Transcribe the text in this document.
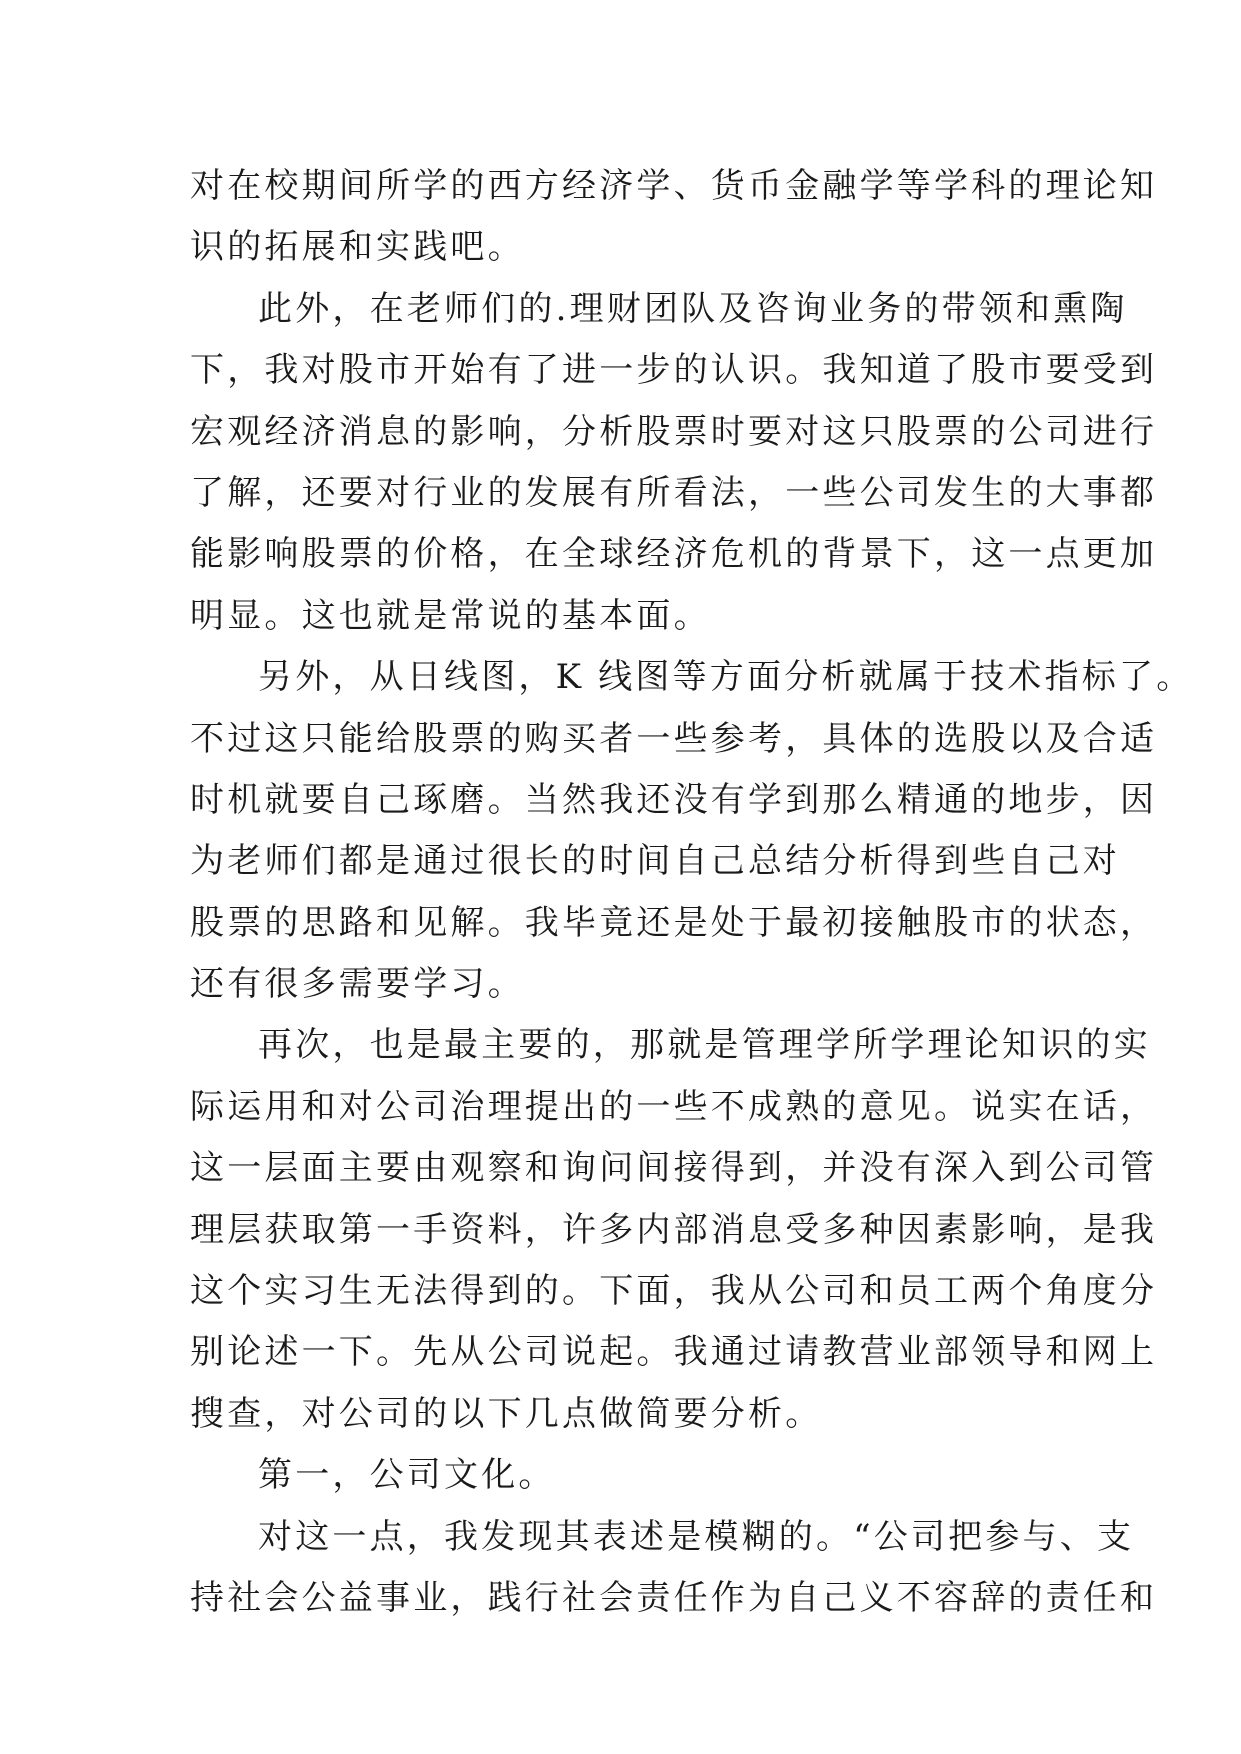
对在校期间所学的西方经济学、货币金融学等学科的理论知
识的拓展和实践吧。
此外，在老师们的.理财团队及咨询业务的带领和熏陶
下，我对股市开始有了进一步的认识。我知道了股市要受到
宏观经济消息的影响，分析股票时要对这只股票的公司进行
了解，还要对行业的发展有所看法，一些公司发生的大事都
能影响股票的价格，在全球经济危机的背景下，这一点更加
明显。这也就是常说的基本面。
另外，从日线图，K 线图等方面分析就属于技术指标了。
不过这只能给股票的购买者一些参考，具体的选股以及合适
时机就要自己琢磨。当然我还没有学到那么精通的地步，因
为老师们都是通过很长的时间自己总结分析得到些自己对
股票的思路和见解。我毕竟还是处于最初接触股市的状态，
还有很多需要学习。
再次，也是最主要的，那就是管理学所学理论知识的实
际运用和对公司治理提出的一些不成熟的意见。说实在话，
这一层面主要由观察和询问间接得到，并没有深入到公司管
理层获取第一手资料，许多内部消息受多种因素影响，是我
这个实习生无法得到的。下面，我从公司和员工两个角度分
别论述一下。先从公司说起。我通过请教营业部领导和网上
搜查，对公司的以下几点做简要分析。
第一，公司文化。
对这一点，我发现其表述是模糊的。“公司把参与、支
持社会公益事业，践行社会责任作为自己义不容辞的责任和
